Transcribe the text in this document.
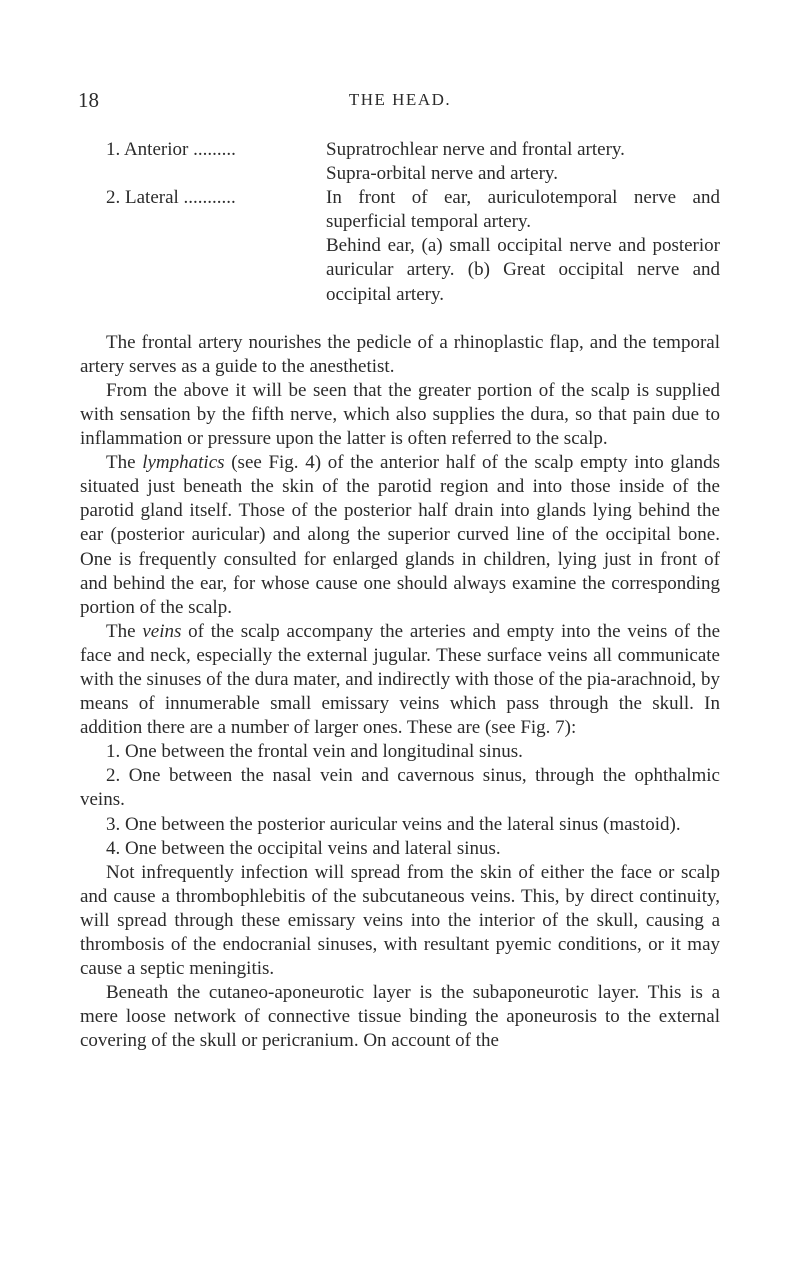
18	THE HEAD.
1. Anterior .........	Supratrochlear nerve and frontal artery.
Supra-orbital nerve and artery.
2. Lateral ...........	In front of ear, auriculotemporal nerve and superficial temporal artery.
Behind ear, (a) small occipital nerve and posterior auricular artery. (b) Great occipital nerve and occipital artery.

The frontal artery nourishes the pedicle of a rhinoplastic flap, and the temporal artery serves as a guide to the anesthetist.

From the above it will be seen that the greater portion of the scalp is supplied with sensation by the fifth nerve, which also supplies the dura, so that pain due to inflammation or pressure upon the latter is often referred to the scalp.

The lymphatics (see Fig. 4) of the anterior half of the scalp empty into glands situated just beneath the skin of the parotid region and into those inside of the parotid gland itself. Those of the posterior half drain into glands lying behind the ear (posterior auricular) and along the superior curved line of the occipital bone. One is frequently consulted for enlarged glands in children, lying just in front of and behind the ear, for whose cause one should always examine the corresponding portion of the scalp.

The veins of the scalp accompany the arteries and empty into the veins of the face and neck, especially the external jugular. These surface veins all communicate with the sinuses of the dura mater, and indirectly with those of the pia-arachnoid, by means of innumerable small emissary veins which pass through the skull. In addition there are a number of larger ones. These are (see Fig. 7):

1. One between the frontal vein and longitudinal sinus.
2. One between the nasal vein and cavernous sinus, through the ophthalmic veins.
3. One between the posterior auricular veins and the lateral sinus (mastoid).
4. One between the occipital veins and lateral sinus.

Not infrequently infection will spread from the skin of either the face or scalp and cause a thrombophlebitis of the subcutaneous veins. This, by direct continuity, will spread through these emissary veins into the interior of the skull, causing a thrombosis of the endocranial sinuses, with resultant pyemic conditions, or it may cause a septic meningitis.

Beneath the cutaneo-aponeurotic layer is the subaponeurotic layer. This is a mere loose network of connective tissue binding the aponeurosis to the external covering of the skull or pericranium. On account of the
